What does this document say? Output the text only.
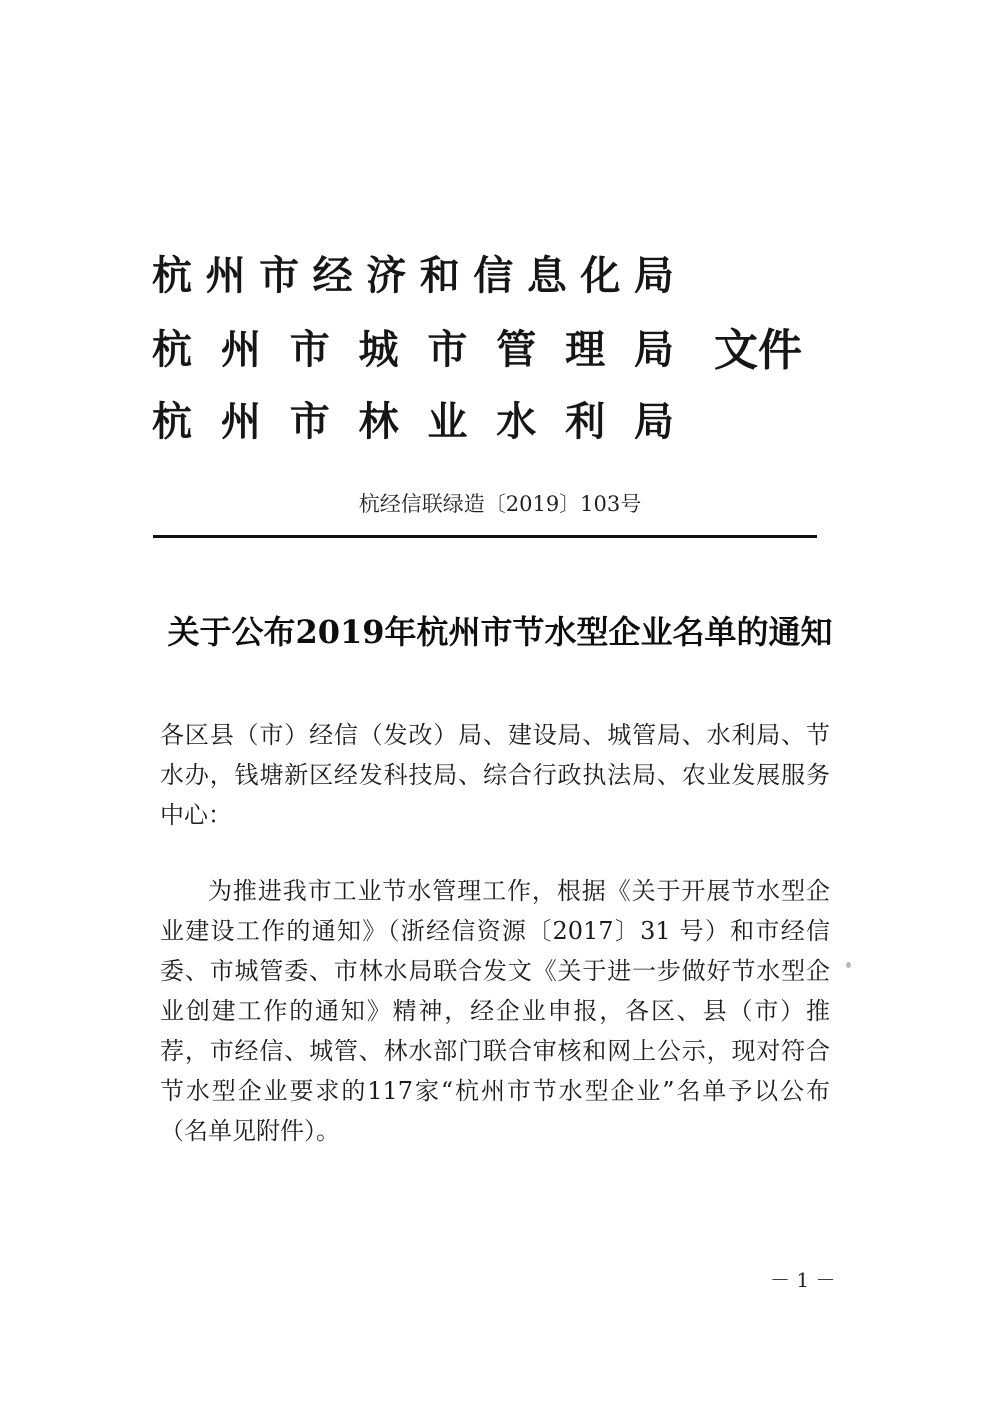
杭 州 市 经 济 和 信 息 化 局
杭 州 市 城 市 管 理 局 文件
杭 州 市 林 业 水 利 局
杭经信联绿造〔2019〕103号
关于公布2019年杭州市节水型企业名单的通知
各区县（市）经信（发改）局、建设局、城管局、水利局、节水办，钱塘新区经发科技局、综合行政执法局、农业发展服务中心：
为推进我市工业节水管理工作，根据《关于开展节水型企业建设工作的通知》（浙经信资源〔2017〕31 号）和市经信委、市城管委、市林水局联合发文《关于进一步做好节水型企业创建工作的通知》精神，经企业申报，各区、县（市）推荐，市经信、城管、林水部门联合审核和网上公示，现对符合节水型企业要求的117家“杭州市节水型企业”名单予以公布（名单见附件）。
－ 1 －
